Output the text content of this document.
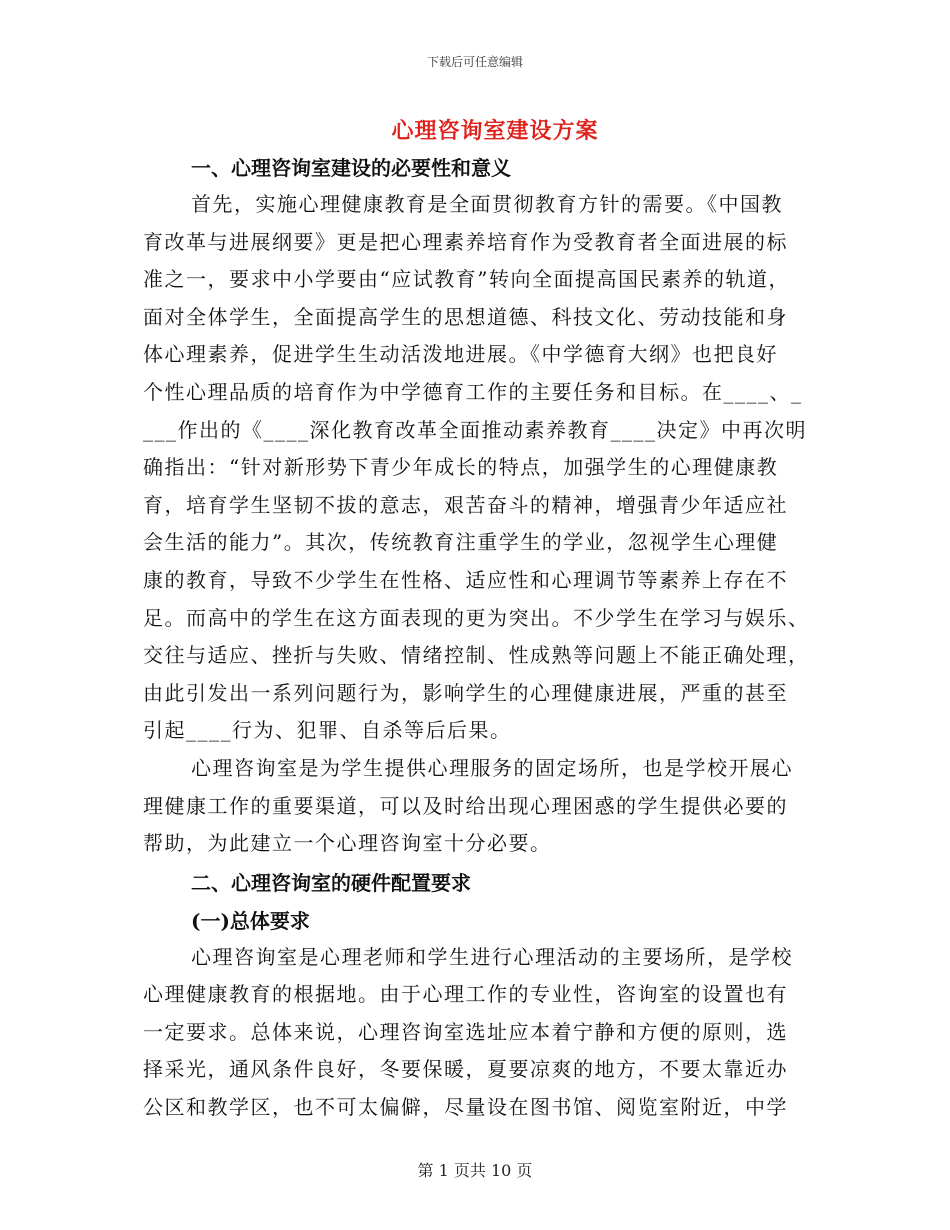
下载后可任意编辑
心理咨询室建设方案

一、心理咨询室建设的必要性和意义

首先，实施心理健康教育是全面贯彻教育方针的需要。《中国教
育改革与进展纲要》更是把心理素养培育作为受教育者全面进展的标
准之一，要求中小学要由“应试教育”转向全面提高国民素养的轨道，
面对全体学生，全面提高学生的思想道德、科技文化、劳动技能和身
体心理素养，促进学生生动活泼地进展。《中学德育大纲》也把良好
个性心理品质的培育作为中学德育工作的主要任务和目标。在____、_
___作出的《____深化教育改革全面推动素养教育____决定》中再次明
确指出：“针对新形势下青少年成长的特点，加强学生的心理健康教
育，培育学生坚韧不拔的意志，艰苦奋斗的精神，增强青少年适应社
会生活的能力”。其次，传统教育注重学生的学业，忽视学生心理健
康的教育，导致不少学生在性格、适应性和心理调节等素养上存在不
足。而高中的学生在这方面表现的更为突出。不少学生在学习与娱乐、
交往与适应、挫折与失败、情绪控制、性成熟等问题上不能正确处理，
由此引发出一系列问题行为，影响学生的心理健康进展，严重的甚至
引起____行为、犯罪、自杀等后后果。

心理咨询室是为学生提供心理服务的固定场所，也是学校开展心
理健康工作的重要渠道，可以及时给出现心理困惑的学生提供必要的
帮助，为此建立一个心理咨询室十分必要。

二、心理咨询室的硬件配置要求

(一)总体要求

心理咨询室是心理老师和学生进行心理活动的主要场所，是学校
心理健康教育的根据地。由于心理工作的专业性，咨询室的设置也有
一定要求。总体来说，心理咨询室选址应本着宁静和方便的原则，选
择采光，通风条件良好，冬要保暖，夏要凉爽的地方，不要太靠近办
公区和教学区，也不可太偏僻，尽量设在图书馆、阅览室附近，中学

第 1 页共 10 页
